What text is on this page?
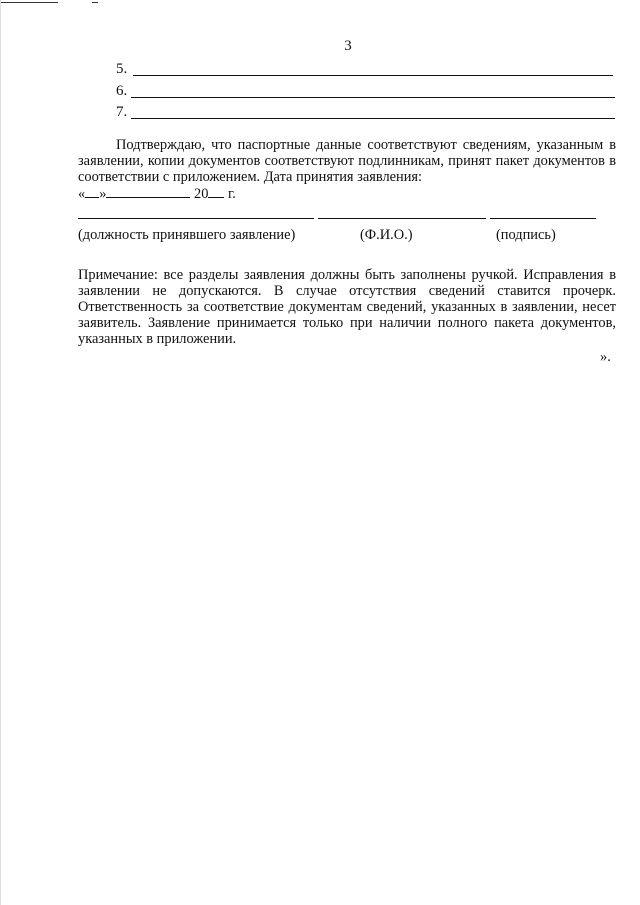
3
5.
6.
7.

Подтверждаю, что паспортные данные соответствуют сведениям, указанным в заявлении, копии документов соответствуют подлинникам, принят пакет документов в соответствии с приложением. Дата принятия заявления:

« »	20 г.
(должность принявшего заявление)	(Ф.И.О.)	(подпись)

Примечание: все разделы заявления должны быть заполнены ручкой. Исправления в заявлении не допускаются. В случае отсутствия сведений ставится прочерк. Ответственность за соответствие документам сведений, указанных в заявлении, несет заявитель. Заявление принимается только при наличии полного пакета документов, указанных в приложении.

».
